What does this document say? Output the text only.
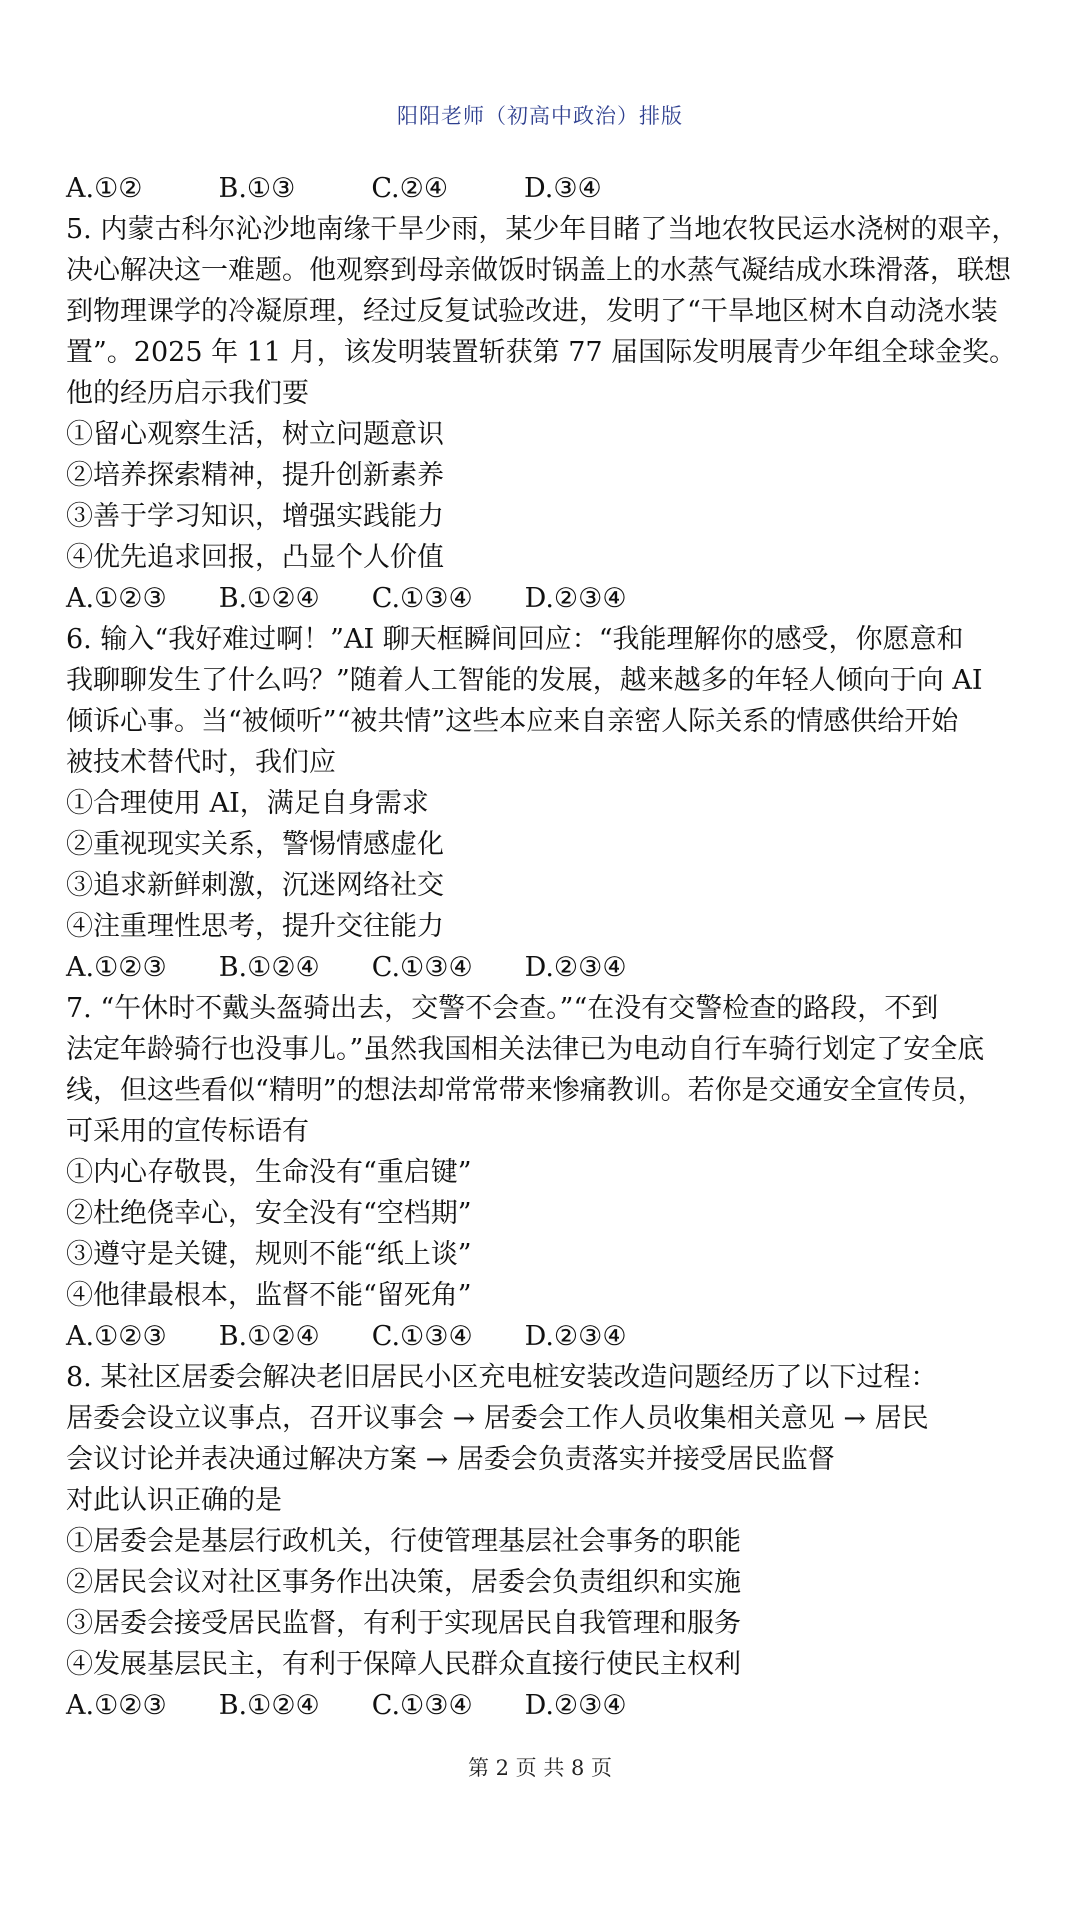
阳阳老师（初高中政治）排版
A.①②	B.①③	C.②④	D.③④
5. 内蒙古科尔沁沙地南缘干旱少雨，某少年目睹了当地农牧民运水浇树的艰辛，
决心解决这一难题。他观察到母亲做饭时锅盖上的水蒸气凝结成水珠滑落，联想
到物理课学的冷凝原理，经过反复试验改进，发明了“干旱地区树木自动浇水装
置”。2025 年 11 月，该发明装置斩获第 77 届国际发明展青少年组全球金奖。
他的经历启示我们要
①留心观察生活，树立问题意识
②培养探索精神，提升创新素养
③善于学习知识，增强实践能力
④优先追求回报，凸显个人价值
A.①②③ B.①②④ C.①③④ D.②③④
6. 输入“我好难过啊！”AI 聊天框瞬间回应：“我能理解你的感受，你愿意和
我聊聊发生了什么吗？”随着人工智能的发展，越来越多的年轻人倾向于向 AI
倾诉心事。当“被倾听”“被共情”这些本应来自亲密人际关系的情感供给开始
被技术替代时，我们应
①合理使用 AI，满足自身需求
②重视现实关系，警惕情感虚化
③追求新鲜刺激，沉迷网络社交
④注重理性思考，提升交往能力
A.①②③ B.①②④ C.①③④ D.②③④
7. “午休时不戴头盔骑出去，交警不会查。”“在没有交警检查的路段，不到
法定年龄骑行也没事儿。”虽然我国相关法律已为电动自行车骑行划定了安全底
线，但这些看似“精明”的想法却常常带来惨痛教训。若你是交通安全宣传员，
可采用的宣传标语有
①内心存敬畏，生命没有“重启键”
②杜绝侥幸心，安全没有“空档期”
③遵守是关键，规则不能“纸上谈”
④他律最根本，监督不能“留死角”
A.①②③ B.①②④ C.①③④ D.②③④
8. 某社区居委会解决老旧居民小区充电桩安装改造问题经历了以下过程：
居委会设立议事点，召开议事会 → 居委会工作人员收集相关意见 → 居民
会议讨论并表决通过解决方案 → 居委会负责落实并接受居民监督
对此认识正确的是
①居委会是基层行政机关，行使管理基层社会事务的职能
②居民会议对社区事务作出决策，居委会负责组织和实施
③居委会接受居民监督，有利于实现居民自我管理和服务
④发展基层民主，有利于保障人民群众直接行使民主权利
A.①②③ B.①②④ C.①③④ D.②③④
第 2 页 共 8 页
